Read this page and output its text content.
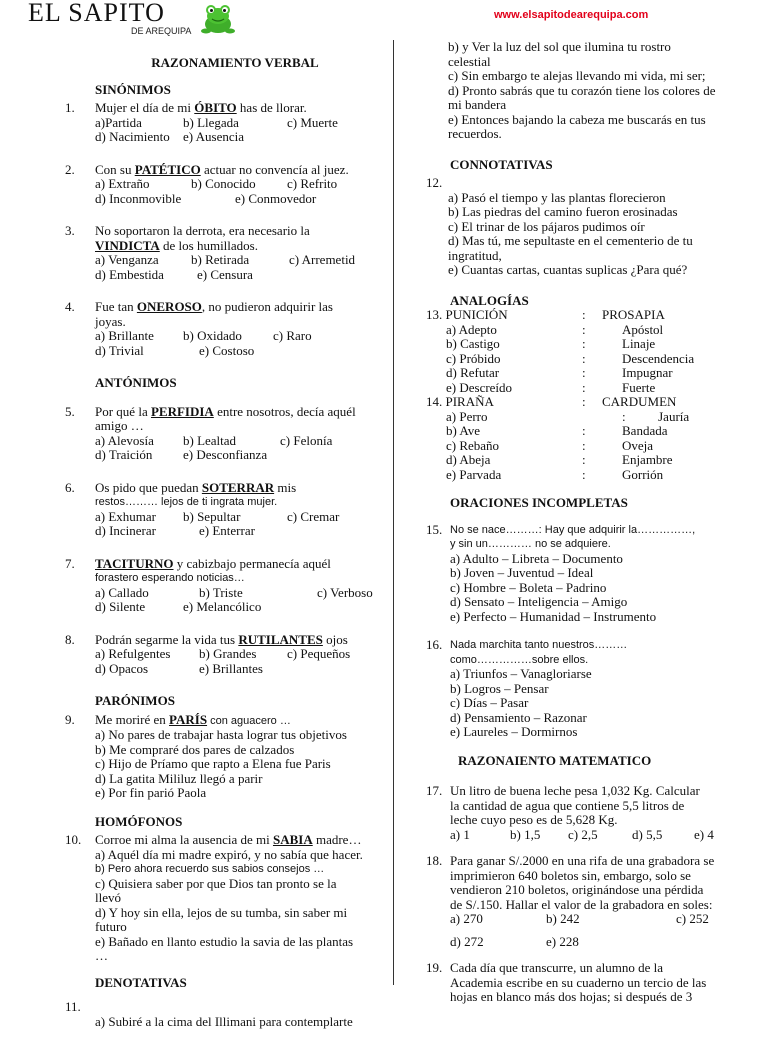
EL SAPITO
DE AREQUIPA
www.elsapitodearequipa.com
RAZONAMIENTO VERBAL
SINÓNIMOS
1. Mujer el día de mi ÓBITO has de llorar.
a)Partida	b) Llegada	c) Muerte
d) Nacimiento	e) Ausencia
2. Con su PATÉTICO actuar no convencía al juez.
a) Extraño	b) Conocido	c) Refrito
d) Inconmovible	e) Conmovedor
3. No soportaron la derrota, era necesario la
VINDICTA de los humillados.
a) Venganza	b) Retirada	c) Arremetid
d) Embestida	e) Censura
4. Fue tan ONEROSO, no pudieron adquirir las
joyas.
a) Brillante	b) Oxidado	c) Raro
d) Trivial	e) Costoso
ANTÓNIMOS
5. Por qué la PERFIDIA entre nosotros, decía aquél
amigo …
a) Alevosía	b) Lealtad	c) Felonía
d) Traición	e) Desconfianza
6. Os pido que puedan SOTERRAR mis
restos……… lejos de ti ingrata mujer.
a) Exhumar	b) Sepultar	c) Cremar
d) Incinerar	e) Enterrar
7. TACITURNO y cabizbajo permanecía aquél
forastero esperando noticias…
a) Callado	b) Triste	c) Verboso
d) Silente	e) Melancólico
8. Podrán segarme la vida tus RUTILANTES ojos
a) Refulgentes	b) Grandes	c) Pequeños
d) Opacos	e) Brillantes
PARÓNIMOS
9. Me moriré en PARÍS con aguacero …
a) No pares de trabajar hasta lograr tus objetivos
b) Me compraré dos pares de calzados
c) Hijo de Príamo que rapto a Elena fue Paris
d) La gatita Mililuz llegó a parir
e) Por fin parió Paola
HOMÓFONOS
10. Corroe mi alma la ausencia de mi SABIA madre…
a) Aquél día mi madre expiró, y no sabía que hacer.
b) Pero ahora recuerdo sus sabios consejos …
c) Quisiera saber por que Dios tan pronto se la
llevó
d) Y hoy sin ella, lejos de su tumba, sin saber mi
futuro
e) Bañado en llanto estudio la savia de las plantas
…
DENOTATIVAS
11.

a) Subiré a la cima del Illimani para contemplarte
b) y Ver la luz del sol que ilumina tu rostro
celestial
c) Sin embargo te alejas llevando mi vida, mi ser;
d) Pronto sabrás que tu corazón tiene los colores de
mi bandera
e) Entonces bajando la cabeza me buscarás en tus
recuerdos.
CONNOTATIVAS
12.

a) Pasó el tiempo y las plantas florecieron
b) Las piedras del camino fueron erosinadas
c) El trinar de los pájaros pudimos oír
d) Mas tú, me sepultaste en el cementerio de tu
ingratitud,
e) Cuantas cartas, cuantas suplicas ¿Para qué?
ANALOGÍAS
13. PUNICIÓN	:	PROSAPIA
a) Adepto	:	Apóstol
b) Castigo	:	Linaje
c) Próbido	:	Descendencia
d) Refutar	:	Impugnar
e) Descreído	:	Fuerte
14. PIRAÑA	:	CARDUMEN
a) Perro	:          Jauría
b) Ave	:	Bandada
c) Rebaño	:	Oveja
d) Abeja	:	Enjambre
e) Parvada	:	Gorrión
ORACIONES INCOMPLETAS
15. No se nace………: Hay que adquirir la……………,
y sin un………… no se adquiere.
a) Adulto – Libreta – Documento
b) Joven – Juventud – Ideal
c) Hombre – Boleta – Padrino
d) Sensato – Inteligencia – Amigo
e) Perfecto – Humanidad – Instrumento
16. Nada marchita tanto nuestros………
como……………sobre ellos.
a) Triunfos – Vanagloriarse
b) Logros – Pensar
c) Días – Pasar
d) Pensamiento – Razonar
e) Laureles – Dormirnos
RAZONAIENTO MATEMATICO
17. Un litro de buena leche pesa 1,032 Kg. Calcular
la cantidad de agua que contiene 5,5 litros de
leche cuyo peso es de 5,628 Kg.
a) 1	b) 1,5	c) 2,5	d) 5,5	e) 4
18. Para ganar S/.2000 en una rifa de una grabadora se
imprimieron 640 boletos sin, embargo, solo se
vendieron 210 boletos, originándose una pérdida
de S/.150. Hallar el valor de la grabadora en soles:
a) 270	b) 242	c) 252
d) 272	e) 228
19. Cada día que transcurre, un alumno de la
Academia escribe en su cuaderno un tercio de las
hojas en blanco más dos hojas; si después de 3
